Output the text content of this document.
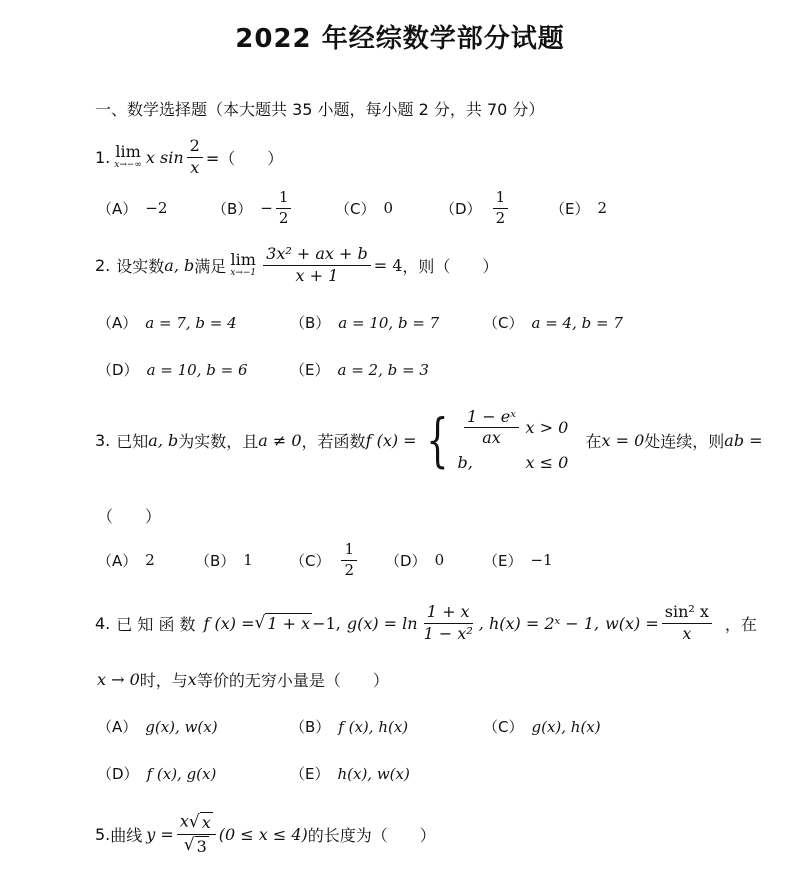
2022 年经综数学部分试题
一、数学选择题（本大题共 35 小题，每小题 2 分，共 70 分）
1. lim
x→−∞ x $\sin \frac{2}{x}$ =（　　）
（A） −2	$(B) - \frac{1}{2}$	（C） 0	$(D) \frac{1}{2}$	（E） 2
2. 设实数 a, b 满足 lim
$x\to-1 \frac{\text{3x² + ax + b}}{x + 1} = 4$ ，则（　　）
（A） a = 7, b = 4	（B） a = 10, b = 7	（C） a = 4, b = 7
（D） a = 10, b = 6	（E） a = 2, b = 3
3. 已知 a, b 为实数，且 a ≠ 0 ，若函数 f (x) = { $\frac{\text{1 − eˣ}}{ax}$ x > 0
b,	x ≤ 0
在 x = 0 处连续，则 ab =
（　　）
（A） 2	（B） 1 $(C) \frac{1}{2} (D)$ 0	（E） −1
4. 已 知 函 数 f (x) = √ 1 + x −1, $g(x) = \ln \frac{1 + x}{\text{1 − x²}}$ , h(x) = 2ˣ − 1, $w(x) = \frac{\text{sin² x}}{x}$ ，在
x → 0 时，与 x 等价的无穷小量是（　　）
（A） g(x), w(x)	（B） f (x), h(x)	（C） g(x), h(x)
（D） f (x), g(x)	（E） h(x), w(x)
5. 曲线 $y = \frac{x √ x}{√ 3} (0 \le x \le 4)$ 的长度为（　　）
